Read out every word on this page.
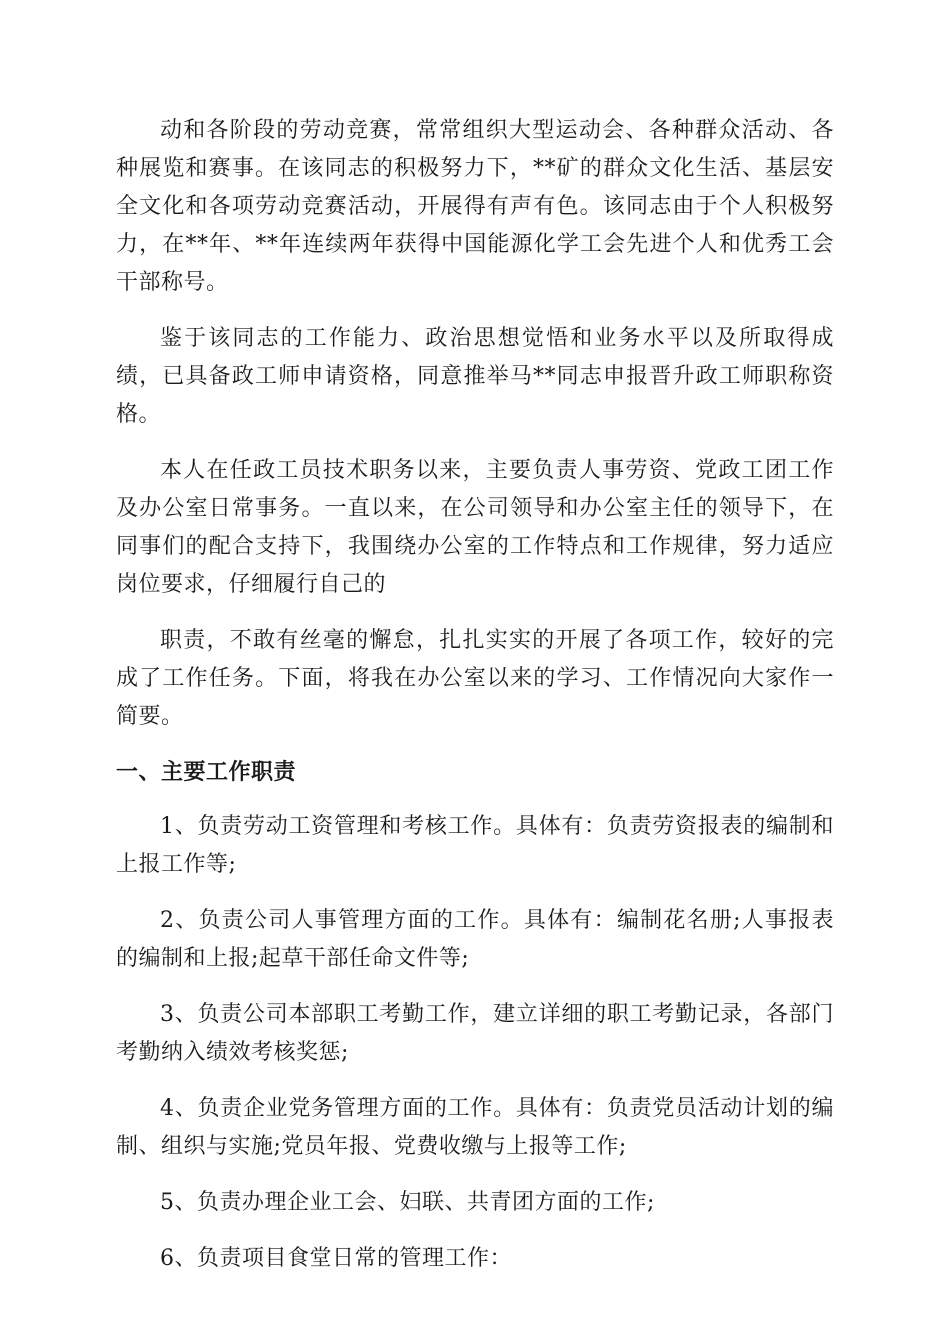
动和各阶段的劳动竞赛，常常组织大型运动会、各种群众活动、各种展览和赛事。在该同志的积极努力下，**矿的群众文化生活、基层安全文化和各项劳动竞赛活动，开展得有声有色。该同志由于个人积极努力，在**年、**年连续两年获得中国能源化学工会先进个人和优秀工会干部称号。

鉴于该同志的工作能力、政治思想觉悟和业务水平以及所取得成绩，已具备政工师申请资格，同意推举马**同志申报晋升政工师职称资格。

本人在任政工员技术职务以来，主要负责人事劳资、党政工团工作及办公室日常事务。一直以来，在公司领导和办公室主任的领导下，在同事们的配合支持下，我围绕办公室的工作特点和工作规律，努力适应岗位要求，仔细履行自己的

职责，不敢有丝毫的懈怠，扎扎实实的开展了各项工作，较好的完成了工作任务。下面，将我在办公室以来的学习、工作情况向大家作一简要。

一、主要工作职责

1、负责劳动工资管理和考核工作。具体有：负责劳资报表的编制和上报工作等;

2、负责公司人事管理方面的工作。具体有：编制花名册;人事报表的编制和上报;起草干部任命文件等;

3、负责公司本部职工考勤工作，建立详细的职工考勤记录，各部门考勤纳入绩效考核奖惩;

4、负责企业党务管理方面的工作。具体有：负责党员活动计划的编制、组织与实施;党员年报、党费收缴与上报等工作;

5、负责办理企业工会、妇联、共青团方面的工作;

6、负责项目食堂日常的管理工作：
